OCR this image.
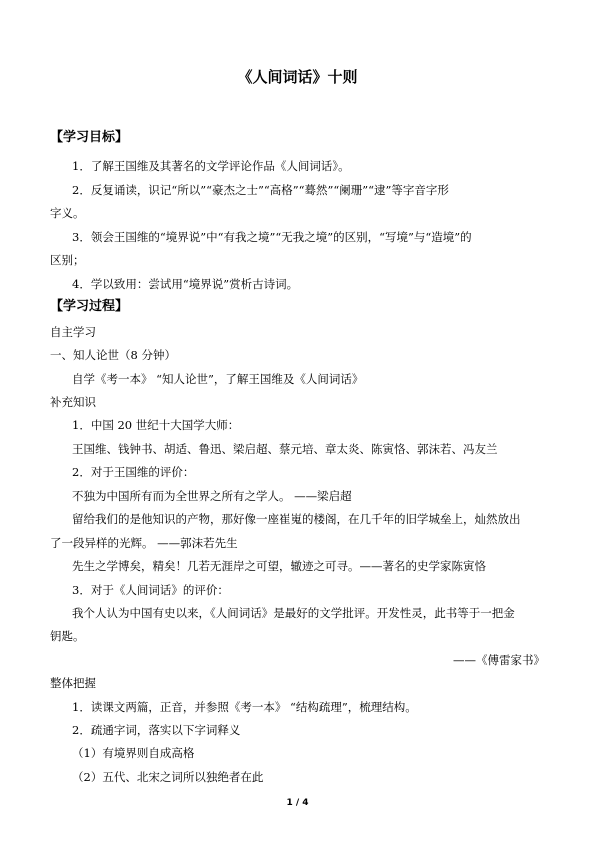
《人间词话》十则
【学习目标】
1．了解王国维及其著名的文学评论作品《人间词话》。
2．反复诵读，识记“所以”“豪杰之士”“高格”“蓦然”“阑珊”“逮”等字音字形
字义。
3．领会王国维的“境界说”中“有我之境”“无我之境”的区别，“写境”与“造境”的
区别；
4．学以致用：尝试用“境界说”赏析古诗词。
【学习过程】
自主学习
一、知人论世（8 分钟）
自学《考一本》 “知人论世”，了解王国维及《人间词话》
补充知识
1．中国 20 世纪十大国学大师：
王国维、钱钟书、胡适、鲁迅、梁启超、蔡元培、章太炎、陈寅恪、郭沫若、冯友兰
2．对于王国维的评价：
不独为中国所有而为全世界之所有之学人。 ——梁启超
留给我们的是他知识的产物，那好像一座崔嵬的楼阁，在几千年的旧学城垒上，灿然放出
了一段异样的光辉。 ——郭沫若先生
先生之学博矣，精矣！几若无涯岸之可望，辙迹之可寻。——著名的史学家陈寅恪
3．对于《人间词话》的评价：
我个人认为中国有史以来，《人间词话》是最好的文学批评。开发性灵，此书等于一把金
钥匙。
——《傅雷家书》
整体把握
1．读课文两篇，正音，并参照《考一本》 “结构疏理”，梳理结构。
2．疏通字词，落实以下字词释义
（1）有境界则自成高格
（2）五代、北宋之词所以独绝者在此
1 / 4
